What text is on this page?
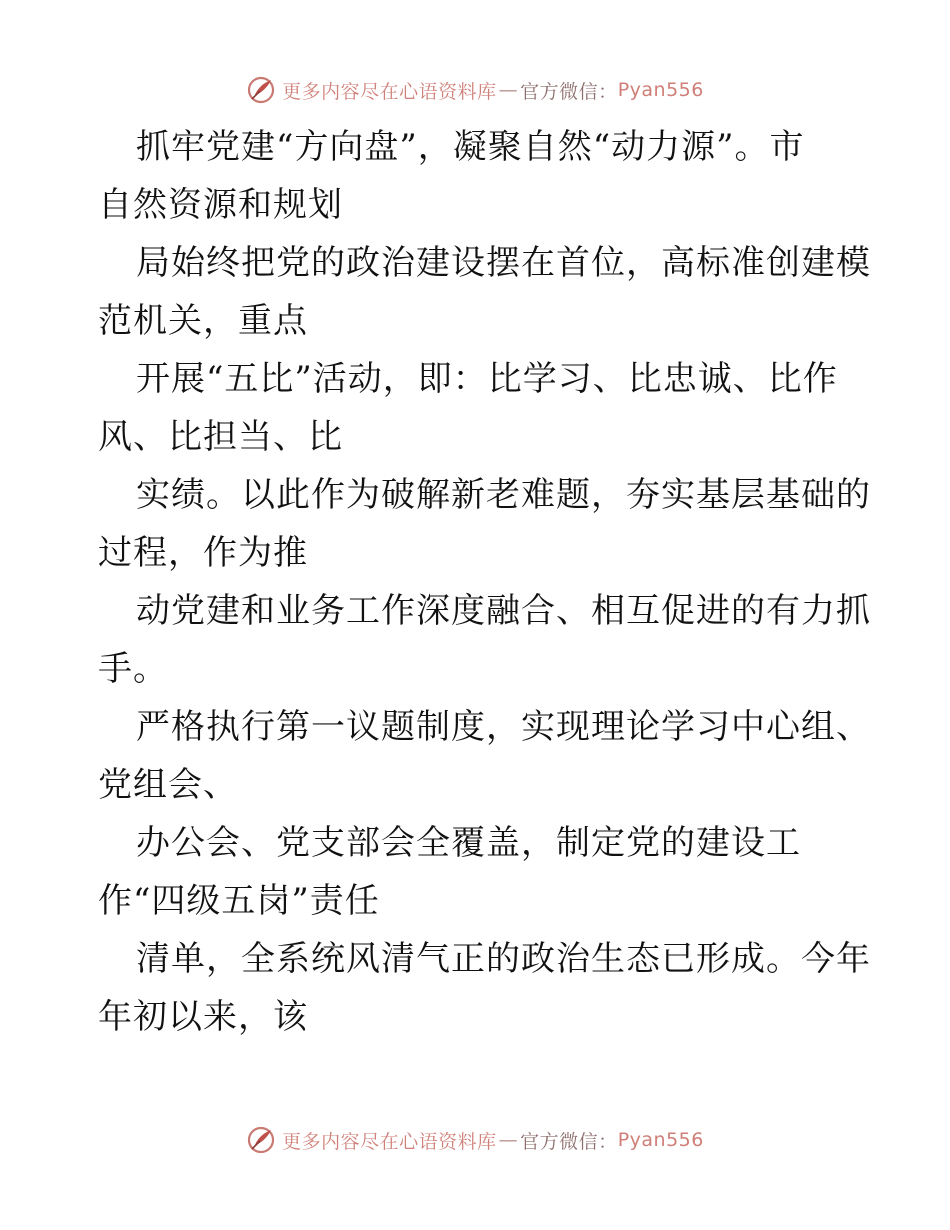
更多内容尽在心语资料库 — 官方微信： Pyan556
抓牢党建“方向盘”，凝聚自然“动力源”。市
自然资源和规划
局始终把党的政治建设摆在首位，高标准创建模
范机关，重点
开展“五比”活动，即：比学习、比忠诚、比作
风、比担当、比
实绩。以此作为破解新老难题，夯实基层基础的
过程，作为推
动党建和业务工作深度融合、相互促进的有力抓
手。
严格执行第一议题制度，实现理论学习中心组、
党组会、
办公会、党支部会全覆盖，制定党的建设工
作“四级五岗”责任
清单，全系统风清气正的政治生态已形成。今年
年初以来，该
更多内容尽在心语资料库 — 官方微信： Pyan556
